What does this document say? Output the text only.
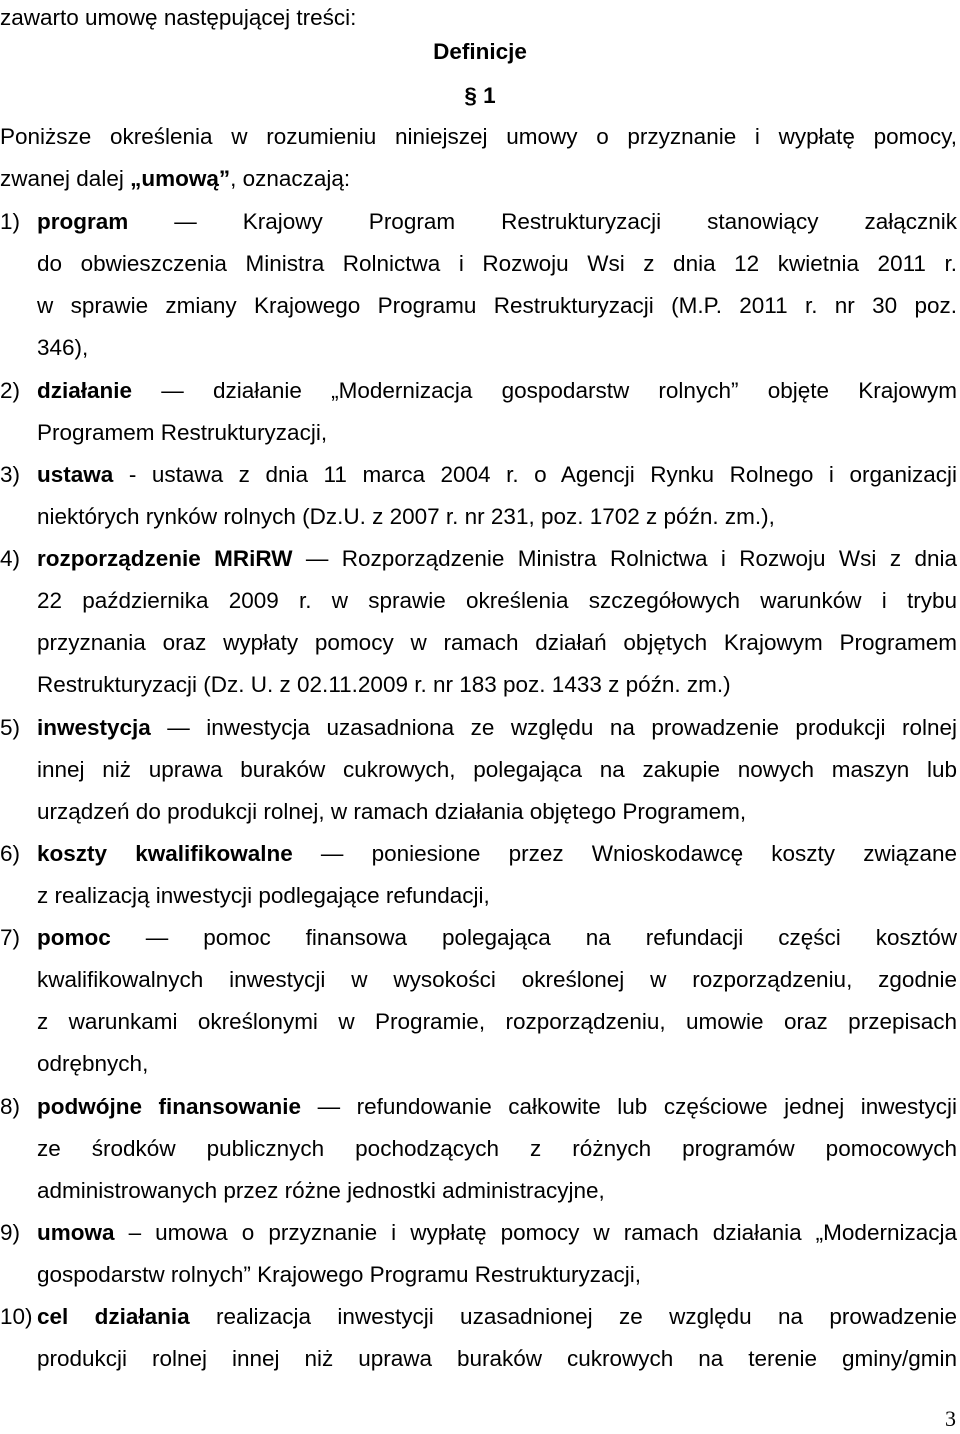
zawarto umowę następującej treści:
Definicje
§ 1
Poniższe określenia w rozumieniu niniejszej umowy o przyznanie i wypłatę pomocy,
zwanej dalej „umową”, oznaczają:
1) program — Krajowy Program Restrukturyzacji stanowiący załącznik
do obwieszczenia Ministra Rolnictwa i Rozwoju Wsi z dnia 12 kwietnia 2011 r.
w sprawie zmiany Krajowego Programu Restrukturyzacji (M.P. 2011 r. nr 30 poz.
346),
2) działanie — działanie „Modernizacja gospodarstw rolnych” objęte Krajowym
Programem Restrukturyzacji,
3) ustawa - ustawa z dnia 11 marca 2004 r. o Agencji Rynku Rolnego i organizacji
niektórych rynków rolnych (Dz.U. z 2007 r. nr 231, poz. 1702 z późn. zm.),
4) rozporządzenie MRiRW — Rozporządzenie Ministra Rolnictwa i Rozwoju Wsi z dnia
22 października 2009 r. w sprawie określenia szczegółowych warunków i trybu
przyznania oraz wypłaty pomocy w ramach działań objętych Krajowym Programem
Restrukturyzacji (Dz. U. z 02.11.2009 r. nr 183 poz. 1433 z późn. zm.)
5) inwestycja — inwestycja uzasadniona ze względu na prowadzenie produkcji rolnej
innej niż uprawa buraków cukrowych, polegająca na zakupie nowych maszyn lub
urządzeń do produkcji rolnej, w ramach działania objętego Programem,
6) koszty kwalifikowalne — poniesione przez Wnioskodawcę koszty związane
z realizacją inwestycji podlegające refundacji,
7) pomoc — pomoc finansowa polegająca na refundacji części kosztów
kwalifikowalnych inwestycji w wysokości określonej w rozporządzeniu, zgodnie
z warunkami określonymi w Programie, rozporządzeniu, umowie oraz przepisach
odrębnych,
8) podwójne finansowanie — refundowanie całkowite lub częściowe jednej inwestycji
ze środków publicznych pochodzących z różnych programów pomocowych
administrowanych przez różne jednostki administracyjne,
9) umowa – umowa o przyznanie i wypłatę pomocy w ramach działania „Modernizacja
gospodarstw rolnych” Krajowego Programu Restrukturyzacji,
10) cel działania realizacja inwestycji uzasadnionej ze względu na prowadzenie
produkcji rolnej innej niż uprawa buraków cukrowych na terenie gminy/gmin
3
